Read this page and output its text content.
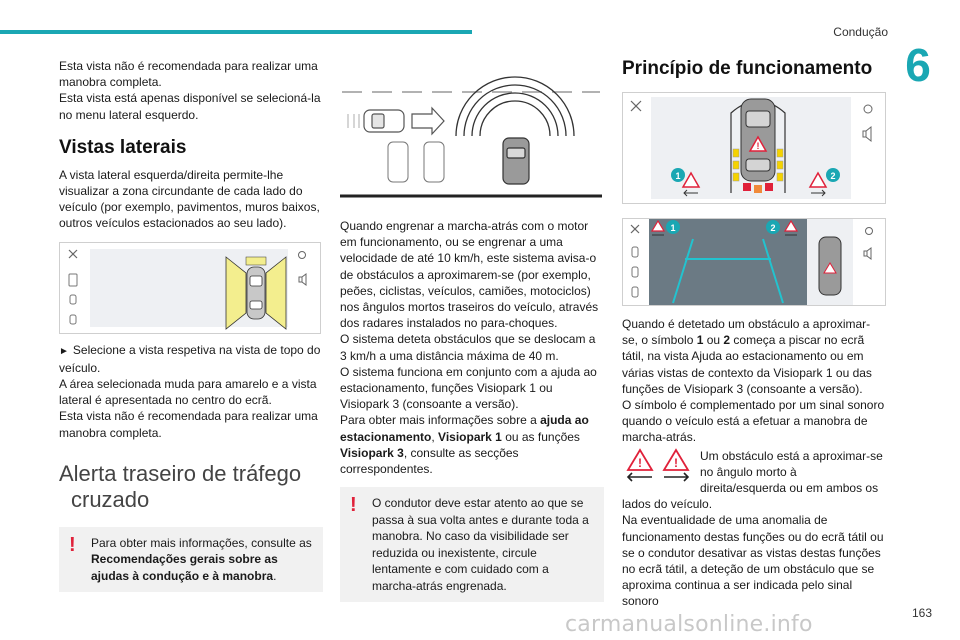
Condução
6

Esta vista não é recomendada para realizar uma manobra completa.

Esta vista está apenas disponível se selecioná-la no menu lateral esquerdo.

Vistas laterais

A vista lateral esquerda/direita permite-lhe visualizar a zona circundante de cada lado do veículo (por exemplo, pavimentos, muros baixos, outros veículos estacionados ao seu lado).

► Selecione a vista respetiva na vista de topo do veículo.

A área selecionada muda para amarelo e a vista lateral é apresentada no centro do ecrã.

Esta vista não é recomendada para realizar uma manobra completa.

Alerta traseiro de tráfego
cruzado
!	Para obter mais informações, consulte as Recomendações gerais sobre as ajudas à condução e à manobra.

Quando engrenar a marcha-atrás com o motor em funcionamento, ou se engrenar a uma velocidade de até 10 km/h, este sistema avisa-o de obstáculos a aproximarem-se (por exemplo, peões, ciclistas, veículos, camiões, motociclos) nos ângulos mortos traseiros do veículo, através dos radares instalados no para-choques.

O sistema deteta obstáculos que se deslocam a 3 km/h a uma distância máxima de 40 m.

O sistema funciona em conjunto com a ajuda ao estacionamento, funções Visiopark 1 ou Visiopark 3 (consoante a versão).

Para obter mais informações sobre a ajuda ao estacionamento, Visiopark 1 ou as funções Visiopark 3, consulte as secções correspondentes.

!	O condutor deve estar atento ao que se passa à sua volta antes e durante toda a manobra. No caso da visibilidade ser reduzida ou inexistente, circule lentamente e com cuidado com a marcha-atrás engrenada.
Princípio de funcionamento
!
1	2
1	2

Quando é detetado um obstáculo a aproximar-se, o símbolo 1 ou 2 começa a piscar no ecrã tátil, na vista Ajuda ao estacionamento ou em várias vistas de contexto da Visiopark 1 ou das funções de Visiopark 3 (consoante a versão).

O símbolo é complementado por um sinal sonoro quando o veículo está a efetuar a manobra de marcha-atrás.

!	!	Um obstáculo está a aproximar-se no ângulo morto à direita/esquerda ou em ambos os lados do veículo.

Na eventualidade de uma anomalia de funcionamento destas funções ou do ecrã tátil ou se o condutor desativar as vistas destas funções no ecrã tátil, a deteção de um obstáculo que se aproxima continua a ser indicada pelo sinal sonoro

163
carmanualsonline.info
